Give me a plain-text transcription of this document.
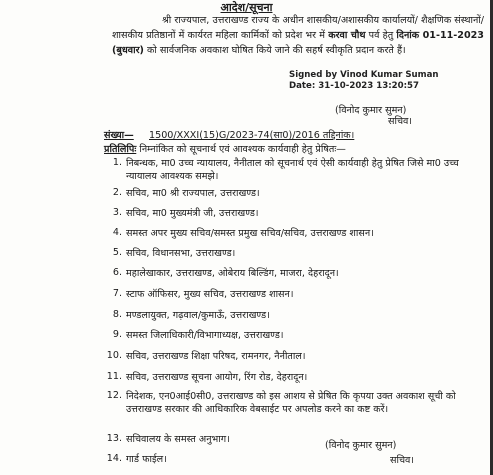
आदेश/सूचना
श्री राज्यपाल, उत्तराखण्ड राज्य के अधीन शासकीय/अशासकीय कार्यालयों/ शैक्षणिक संस्थानों/शासकीय प्रतिष्ठानों में कार्यरत महिला कार्मिकों को प्रदेश भर में करवा चौथ पर्व हेतु दिनांक 01-11-2023 (बुधवार) को सार्वजनिक अवकाश घोषित किये जाने की सहर्ष स्वीकृति प्रदान करते हैं।
Signed by Vinod Kumar Suman
Date: 31-10-2023 13:20:57
(विनोद कुमार सुमन)
सचिव।
संख्या— 1500/XXXI(15)G/2023-74(सा0)/2016 तद्दिनांक।
प्रतिलिपिः निम्नांकित को सूचनार्थ एवं आवश्यक कार्यवाही हेतु प्रेषितः—
1. निबन्धक, मा0 उच्च न्यायालय, नैनीताल को सूचनार्थ एवं ऐसी कार्यवाही हेतु प्रेषित जिसे मा0 उच्च न्यायालय आवश्यक समझे।
2. सचिव, मा0 श्री राज्यपाल, उत्तराखण्ड।
3. सचिव, मा0 मुख्यमंत्री जी, उत्तराखण्ड।
4. समस्त अपर मुख्य सचिव/समस्त प्रमुख सचिव/सचिव, उत्तराखण्ड शासन।
5. सचिव, विधानसभा, उत्तराखण्ड।
6. महालेखाकार, उत्तराखण्ड, ओबेराय बिल्डिंग, माजरा, देहरादून।
7. स्टाफ ऑफिसर, मुख्य सचिव, उत्तराखण्ड शासन।
8. मण्डलायुक्त, गढ़वाल/कुमाऊँ, उत्तराखण्ड।
9. समस्त जिलाधिकारी/विभागाध्यक्ष, उत्तराखण्ड।
10. सचिव, उत्तराखण्ड शिक्षा परिषद, रामनगर, नैनीताल।
11. सचिव, उत्तराखण्ड सूचना आयोग, रिंग रोड, देहरादून।
12. निदेशक, एन0आई0सी0, उत्तराखण्ड को इस आशय से प्रेषित कि कृपया उक्त अवकाश सूची को उत्तराखण्ड सरकार की आधिकारिक वेबसाईट पर अपलोड करने का कष्ट करें।
13. सचिवालय के समस्त अनुभाग।
14. गार्ड फाईल।
(विनोद कुमार सुमन)
सचिव।
